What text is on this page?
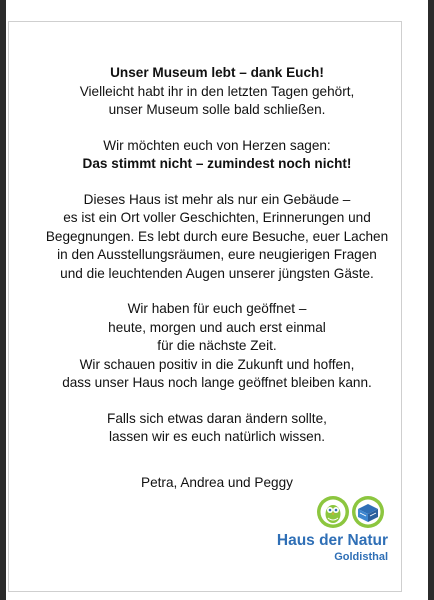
Unser Museum lebt – dank Euch!
Vielleicht habt ihr in den letzten Tagen gehört,
unser Museum solle bald schließen.
Wir möchten euch von Herzen sagen:
Das stimmt nicht – zumindest noch nicht!
Dieses Haus ist mehr als nur ein Gebäude –
es ist ein Ort voller Geschichten, Erinnerungen und
Begegnungen. Es lebt durch eure Besuche, euer Lachen
in den Ausstellungsräumen, eure neugierigen Fragen
und die leuchtenden Augen unserer jüngsten Gäste.
Wir haben für euch geöffnet –
heute, morgen und auch erst einmal
für die nächste Zeit.
Wir schauen positiv in die Zukunft und hoffen,
dass unser Haus noch lange geöffnet bleiben kann.
Falls sich etwas daran ändern sollte,
lassen wir es euch natürlich wissen.
Petra, Andrea und Peggy
Haus der Natur
Goldisthal
